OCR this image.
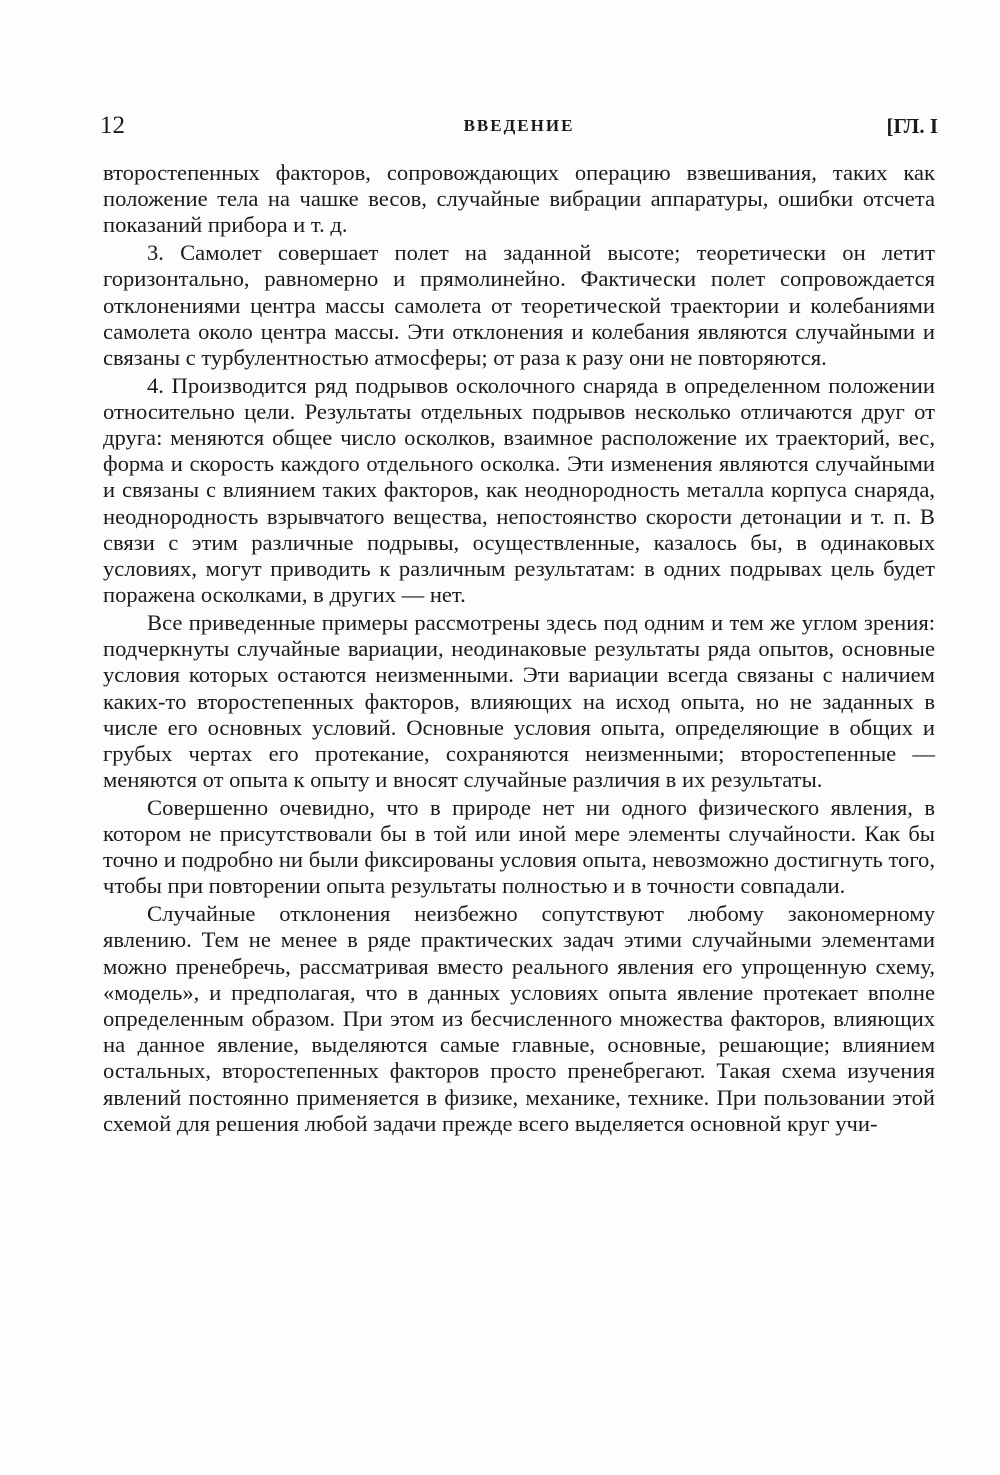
12	ВВЕДЕНИЕ	[ГЛ. I

второстепенных факторов, сопровождающих операцию взвешивания, таких как положение тела на чашке весов, случайные вибрации аппаратуры, ошибки отсчета показаний прибора и т. д.

3. Самолет совершает полет на заданной высоте; теоретически он летит горизонтально, равномерно и прямолинейно. Фактически полет сопровождается отклонениями центра массы самолета от теоретической траектории и колебаниями самолета около центра массы. Эти отклонения и колебания являются случайными и связаны с турбулентностью атмосферы; от раза к разу они не повторяются.

4. Производится ряд подрывов осколочного снаряда в определенном положении относительно цели. Результаты отдельных подрывов несколько отличаются друг от друга: меняются общее число осколков, взаимное расположение их траекторий, вес, форма и скорость каждого отдельного осколка. Эти изменения являются случайными и связаны с влиянием таких факторов, как неоднородность металла корпуса снаряда, неоднородность взрывчатого вещества, непостоянство скорости детонации и т. п. В связи с этим различные подрывы, осуществленные, казалось бы, в одинаковых условиях, могут приводить к различным результатам: в одних подрывах цель будет поражена осколками, в других — нет.

Все приведенные примеры рассмотрены здесь под одним и тем же углом зрения: подчеркнуты случайные вариации, неодинаковые результаты ряда опытов, основные условия которых остаются неизменными. Эти вариации всегда связаны с наличием каких-то второстепенных факторов, влияющих на исход опыта, но не заданных в числе его основных условий. Основные условия опыта, определяющие в общих и грубых чертах его протекание, сохраняются неизменными; второстепенные — меняются от опыта к опыту и вносят случайные различия в их результаты.

Совершенно очевидно, что в природе нет ни одного физического явления, в котором не присутствовали бы в той или иной мере элементы случайности. Как бы точно и подробно ни были фиксированы условия опыта, невозможно достигнуть того, чтобы при повторении опыта результаты полностью и в точности совпадали.

Случайные отклонения неизбежно сопутствуют любому закономерному явлению. Тем не менее в ряде практических задач этими случайными элементами можно пренебречь, рассматривая вместо реального явления его упрощенную схему, «модель», и предполагая, что в данных условиях опыта явление протекает вполне определенным образом. При этом из бесчисленного множества факторов, влияющих на данное явление, выделяются самые главные, основные, решающие; влиянием остальных, второстепенных факторов просто пренебрегают. Такая схема изучения явлений постоянно применяется в физике, механике, технике. При пользовании этой схемой для решения любой задачи прежде всего выделяется основной круг учи-
